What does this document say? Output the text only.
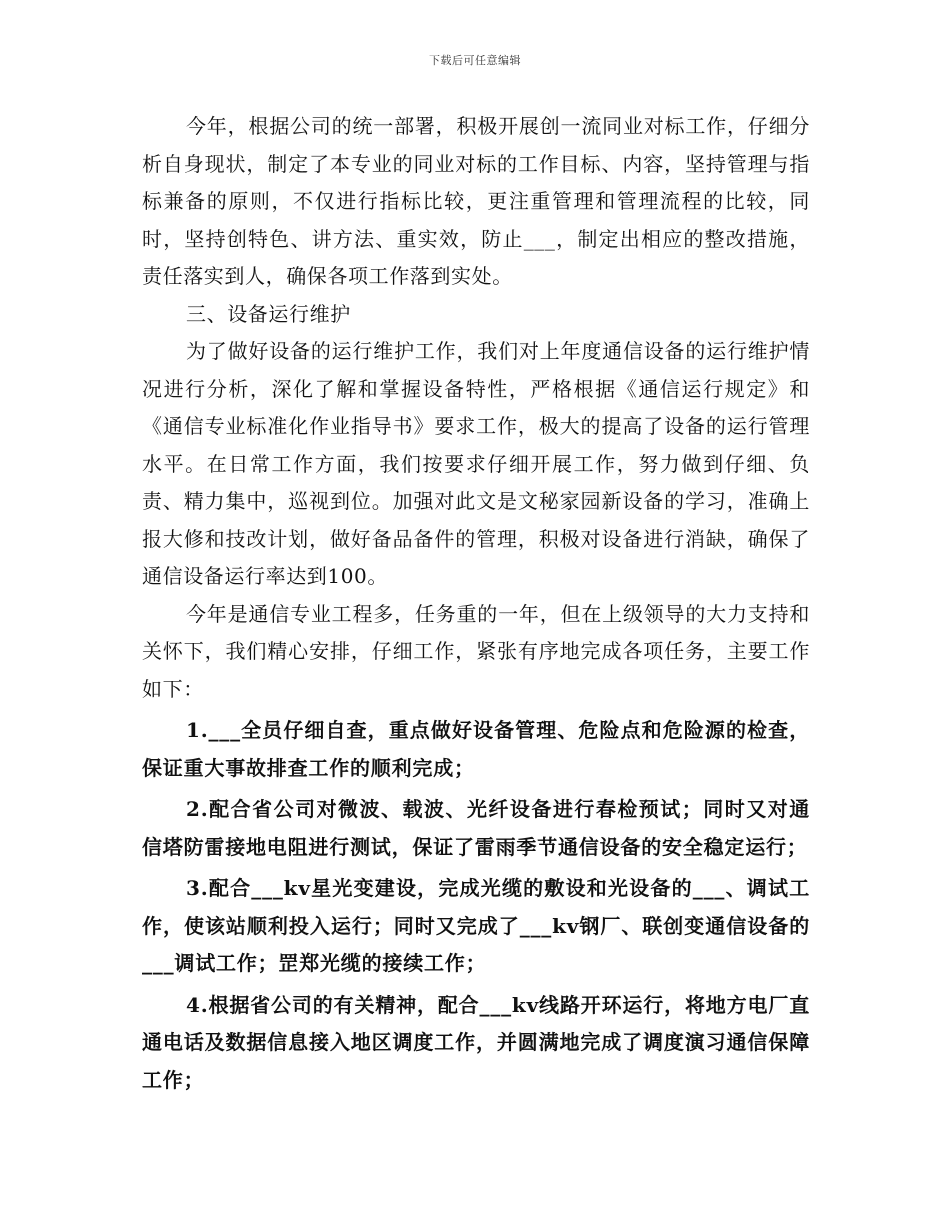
下载后可任意编辑

今年，根据公司的统一部署，积极开展创一流同业对标工作，仔细分析自身现状，制定了本专业的同业对标的工作目标、内容，坚持管理与指标兼备的原则，不仅进行指标比较，更注重管理和管理流程的比较，同时，坚持创特色、讲方法、重实效，防止___，制定出相应的整改措施，责任落实到人，确保各项工作落到实处。

三、设备运行维护

为了做好设备的运行维护工作，我们对上年度通信设备的运行维护情况进行分析，深化了解和掌握设备特性，严格根据《通信运行规定》和《通信专业标准化作业指导书》要求工作，极大的提高了设备的运行管理水平。在日常工作方面，我们按要求仔细开展工作，努力做到仔细、负责、精力集中，巡视到位。加强对此文是文秘家园新设备的学习，准确上报大修和技改计划，做好备品备件的管理，积极对设备进行消缺，确保了通信设备运行率达到100。

今年是通信专业工程多，任务重的一年，但在上级领导的大力支持和关怀下，我们精心安排，仔细工作，紧张有序地完成各项任务，主要工作如下：

1.___全员仔细自查，重点做好设备管理、危险点和危险源的检查，保证重大事故排查工作的顺利完成；

2.配合省公司对微波、载波、光纤设备进行春检预试；同时又对通信塔防雷接地电阻进行测试，保证了雷雨季节通信设备的安全稳定运行；

3.配合___kv星光变建设，完成光缆的敷设和光设备的___、调试工作，使该站顺利投入运行；同时又完成了___kv钢厂、联创变通信设备的___调试工作；罡郑光缆的接续工作；

4.根据省公司的有关精神，配合___kv线路开环运行，将地方电厂直通电话及数据信息接入地区调度工作，并圆满地完成了调度演习通信保障工作；
